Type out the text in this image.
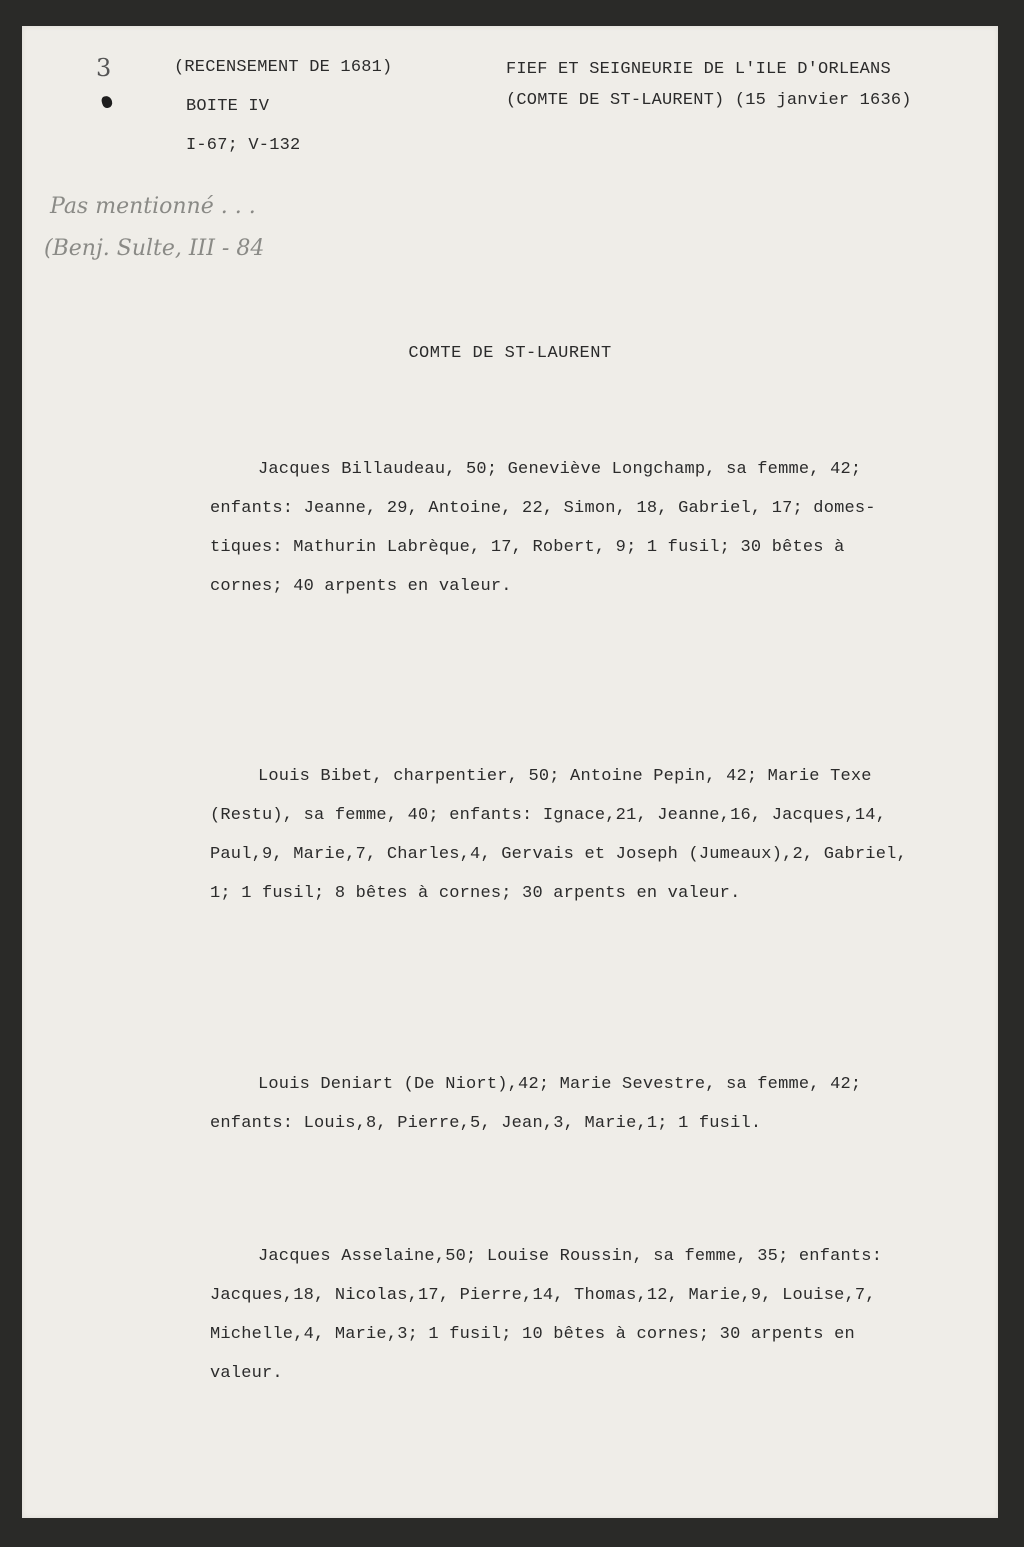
3	(RECENSEMENT DE 1681)
BOITE IV
I-67; V-132
FIEF ET SEIGNEURIE DE L'ILE D'ORLEANS
(COMTE DE ST-LAURENT) (15 janvier 1636)
Pas mentionné . . .
(Benj. Sulte, III - 84
COMTE DE ST-LAURENT
Jacques Billaudeau, 50; Geneviève Longchamp, sa femme, 42;
enfants: Jeanne, 29, Antoine, 22, Simon, 18, Gabriel, 17; domes-
tiques: Mathurin Labrèque, 17, Robert, 9; 1 fusil; 30 bêtes à
cornes; 40 arpents en valeur.
Louis Bibet, charpentier, 50; Antoine Pepin, 42; Marie Texe
(Restu), sa femme, 40; enfants: Ignace,21, Jeanne,16, Jacques,14,
Paul,9, Marie,7, Charles,4, Gervais et Joseph (Jumeaux),2, Gabriel,
1; 1 fusil; 8 bêtes à cornes; 30 arpents en valeur.
Louis Deniart (De Niort),42; Marie Sevestre, sa femme, 42;
enfants: Louis,8, Pierre,5, Jean,3, Marie,1; 1 fusil.
Jacques Asselaine,50; Louise Roussin, sa femme, 35; enfants:
Jacques,18, Nicolas,17, Pierre,14, Thomas,12, Marie,9, Louise,7,
Michelle,4, Marie,3; 1 fusil; 10 bêtes à cornes; 30 arpents en
valeur.
